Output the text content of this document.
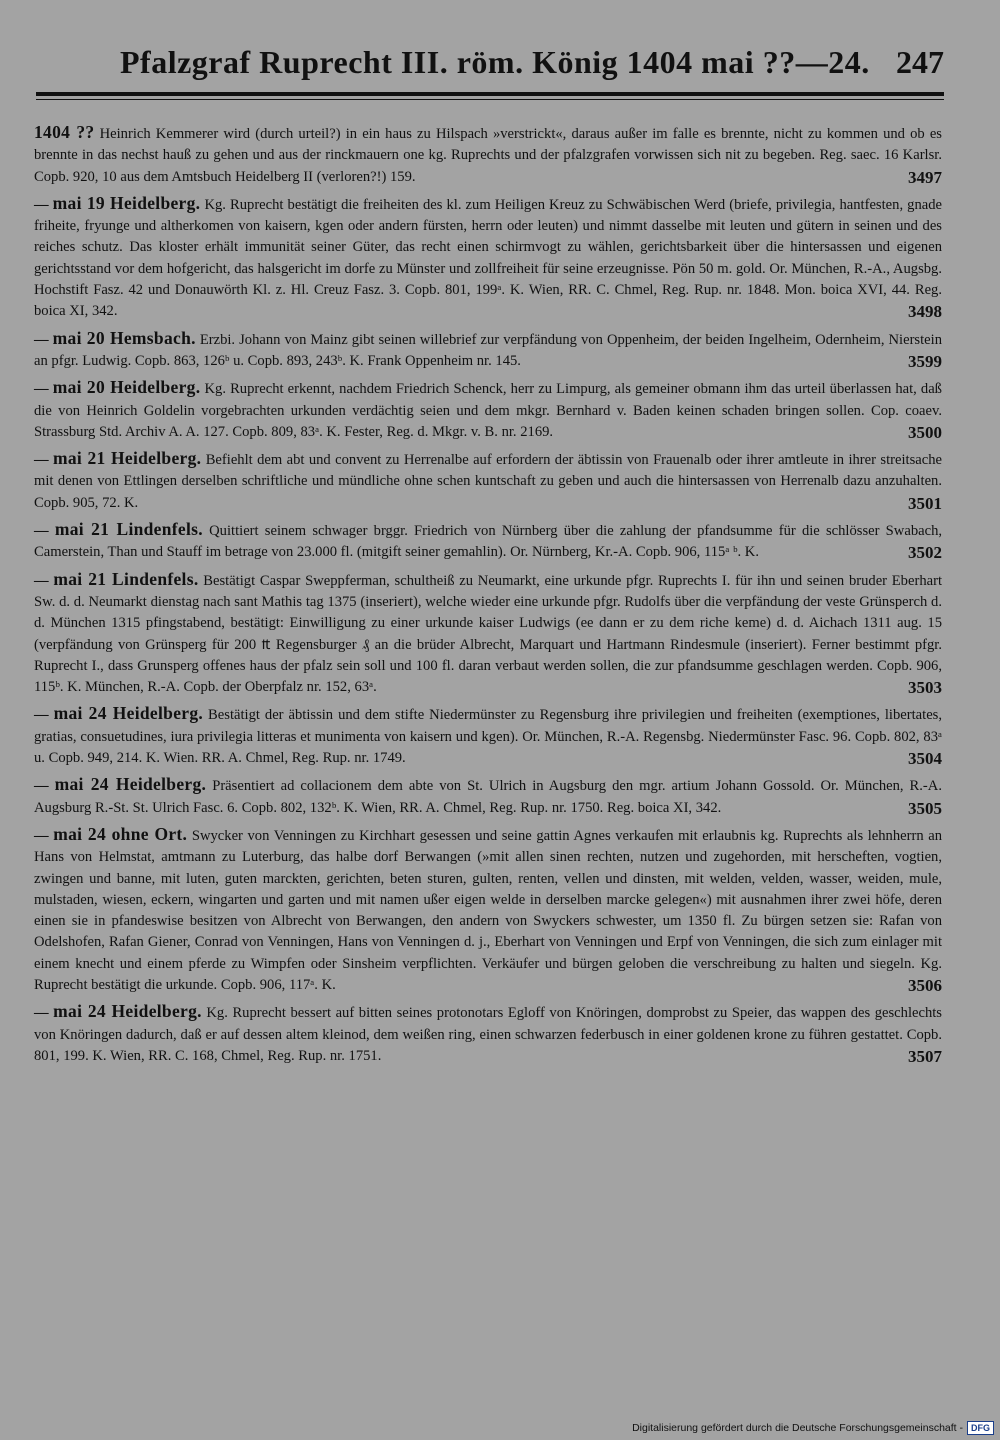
Pfalzgraf Ruprecht III. röm. König 1404 mai ??—24. 247
1404 ?? Heinrich Kemmerer wird (durch urteil?) in ein haus zu Hilspach »verstrickt«, daraus außer im falle es brennte, nicht zu kommen und ob es brennte in das nechst hauß zu gehen und aus der rinckmauern one kg. Ruprechts und der pfalzgrafen vorwissen sich nit zu begeben. Reg. saec. 16 Karlsr. Copb. 920, 10 aus dem Amtsbuch Heidelberg II (verloren?!) 159.	3497
— mai 19 Heidelberg. Kg. Ruprecht bestätigt die freiheiten des kl. zum Heiligen Kreuz zu Schwäbischen Werd (briefe, privilegia, hantfesten, gnade friheite, fryunge und altherkomen von kaisern, kgen oder andern fürsten, herrn oder leuten) und nimmt dasselbe mit leuten und gütern in seinen und des reiches schutz. Das kloster erhält immunität seiner Güter, das recht einen schirmvogt zu wählen, gerichtsbarkeit über die hintersassen und eigenen gerichtsstand vor dem hofgericht, das halsgericht im dorfe zu Münster und zollfreiheit für seine erzeugnisse. Pön 50 m. gold. Or. München, R.-A., Augsbg. Hochstift Fasz. 42 und Donauwörth Kl. z. Hl. Creuz Fasz. 3. Copb. 801, 199ᵃ. K. Wien, RR. C. Chmel, Reg. Rup. nr. 1848. Mon. boica XVI, 44. Reg. boica XI, 342.	3498
— mai 20 Hemsbach. Erzbi. Johann von Mainz gibt seinen willebrief zur verpfändung von Oppenheim, der beiden Ingelheim, Odernheim, Nierstein an pfgr. Ludwig. Copb. 863, 126ᵇ u. Copb. 893, 243ᵇ. K. Frank Oppenheim nr. 145.	3599
— mai 20 Heidelberg. Kg. Ruprecht erkennt, nachdem Friedrich Schenck, herr zu Limpurg, als gemeiner obmann ihm das urteil überlassen hat, daß die von Heinrich Goldelin vorgebrachten urkunden verdächtig seien und dem mkgr. Bernhard v. Baden keinen schaden bringen sollen. Cop. coaev. Strassburg Std. Archiv A. A. 127. Copb. 809, 83ᵃ. K. Fester, Reg. d. Mkgr. v. B. nr. 2169.	3500
— mai 21 Heidelberg. Befiehlt dem abt und convent zu Herrenalbe auf erfordern der äbtissin von Frauenalb oder ihrer amtleute in ihrer streitsache mit denen von Ettlingen derselben schriftliche und mündliche ohne schen kuntschaft zu geben und auch die hintersassen von Herrenalb dazu anzuhalten. Copb. 905, 72. K.	3501
— mai 21 Lindenfels. Quittiert seinem schwager brggr. Friedrich von Nürnberg über die zahlung der pfandsumme für die schlösser Swabach, Camerstein, Than und Stauff im betrage von 23.000 fl. (mitgift seiner gemahlin). Or. Nürnberg, Kr.-A. Copb. 906, 115ᵃ ᵇ. K.	3502
— mai 21 Lindenfels. Bestätigt Caspar Sweppferman, schultheiß zu Neumarkt, eine urkunde pfgr. Ruprechts I. für ihn und seinen bruder Eberhart Sw. d. d. Neumarkt dienstag nach sant Mathis tag 1375 (inseriert), welche wieder eine urkunde pfgr. Rudolfs über die verpfändung der veste Grünsperch d. d. München 1315 pfingstabend, bestätigt: Einwilligung zu einer urkunde kaiser Ludwigs (ee dann er zu dem riche keme) d. d. Aichach 1311 aug. 15 (verpfändung von Grünsperg für 200 ₶ Regensburger ₰ an die brüder Albrecht, Marquart und Hartmann Rindesmule (inseriert). Ferner bestimmt pfgr. Ruprecht I., dass Grunsperg offenes haus der pfalz sein soll und 100 fl. daran verbaut werden sollen, die zur pfandsumme geschlagen werden. Copb. 906, 115ᵇ. K. München, R.-A. Copb. der Oberpfalz nr. 152, 63ᵃ.	3503
— mai 24 Heidelberg. Bestätigt der äbtissin und dem stifte Niedermünster zu Regensburg ihre privilegien und freiheiten (exemptiones, libertates, gratias, consuetudines, iura privilegia litteras et munimenta von kaisern und kgen). Or. München, R.-A. Regensbg. Niedermünster Fasc. 96. Copb. 802, 83ᵃ u. Copb. 949, 214. K. Wien. RR. A. Chmel, Reg. Rup. nr. 1749.	3504
— mai 24 Heidelberg. Präsentiert ad collacionem dem abte von St. Ulrich in Augsburg den mgr. artium Johann Gossold. Or. München, R.-A. Augsburg R.-St. St. Ulrich Fasc. 6. Copb. 802, 132ᵇ. K. Wien, RR. A. Chmel, Reg. Rup. nr. 1750. Reg. boica XI, 342.	3505
— mai 24 ohne Ort. Swycker von Venningen zu Kirchhart gesessen und seine gattin Agnes verkaufen mit erlaubnis kg. Ruprechts als lehnherrn an Hans von Helmstat, amtmann zu Luterburg, das halbe dorf Berwangen (»mit allen sinen rechten, nutzen und zugehorden, mit herscheften, vogtien, zwingen und banne, mit luten, guten marckten, gerichten, beten sturen, gulten, renten, vellen und dinsten, mit welden, velden, wasser, weiden, mule, mulstaden, wiesen, eckern, wingarten und garten und mit namen ußer eigen welde in derselben marcke gelegen«) mit ausnahmen ihrer zwei höfe, deren einen sie in pfandeswise besitzen von Albrecht von Berwangen, den andern von Swyckers schwester, um 1350 fl. Zu bürgen setzen sie: Rafan von Odelshofen, Rafan Giener, Conrad von Venningen, Hans von Venningen d. j., Eberhart von Venningen und Erpf von Venningen, die sich zum einlager mit einem knecht und einem pferde zu Wimpfen oder Sinsheim verpflichten. Verkäufer und bürgen geloben die verschreibung zu halten und siegeln. Kg. Ruprecht bestätigt die urkunde. Copb. 906, 117ᵃ. K.	3506
— mai 24 Heidelberg. Kg. Ruprecht bessert auf bitten seines protonotars Egloff von Knöringen, domprobst zu Speier, das wappen des geschlechts von Knöringen dadurch, daß er auf dessen altem kleinod, dem weißen ring, einen schwarzen federbusch in einer goldenen krone zu führen gestattet. Copb. 801, 199. K. Wien, RR. C. 168, Chmel, Reg. Rup. nr. 1751.	3507
Digitalisierung gefördert durch die Deutsche Forschungsgemeinschaft - DFG
